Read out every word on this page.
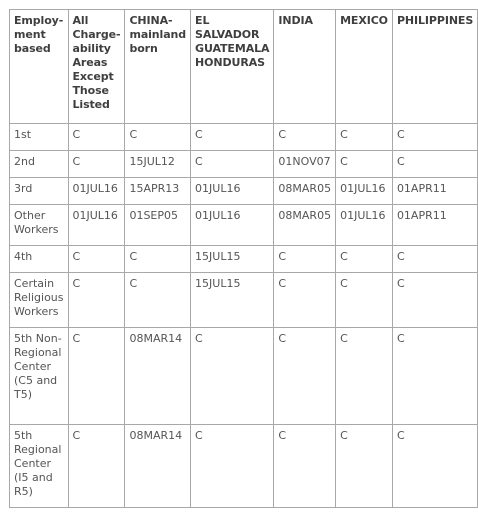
Employ-ment based	All Charge-ability Areas Except Those Listed	CHINA-mainland born	EL SALVADOR GUATEMALA HONDURAS	INDIA	MEXICO	PHILIPPINES
1st	C	C	C	C	C	C
2nd	C	15JUL12	C	01NOV07	C	C
3rd	01JUL16	15APR13	01JUL16	08MAR05	01JUL16	01APR11
Other Workers	01JUL16	01SEP05	01JUL16	08MAR05	01JUL16	01APR11
4th	C	C	15JUL15	C	C	C
Certain Religious Workers	C	C	15JUL15	C	C	C
5th Non-Regional Center (C5 and T5)	C	08MAR14	C	C	C	C
5th Regional Center (I5 and R5)	C	08MAR14	C	C	C	C
